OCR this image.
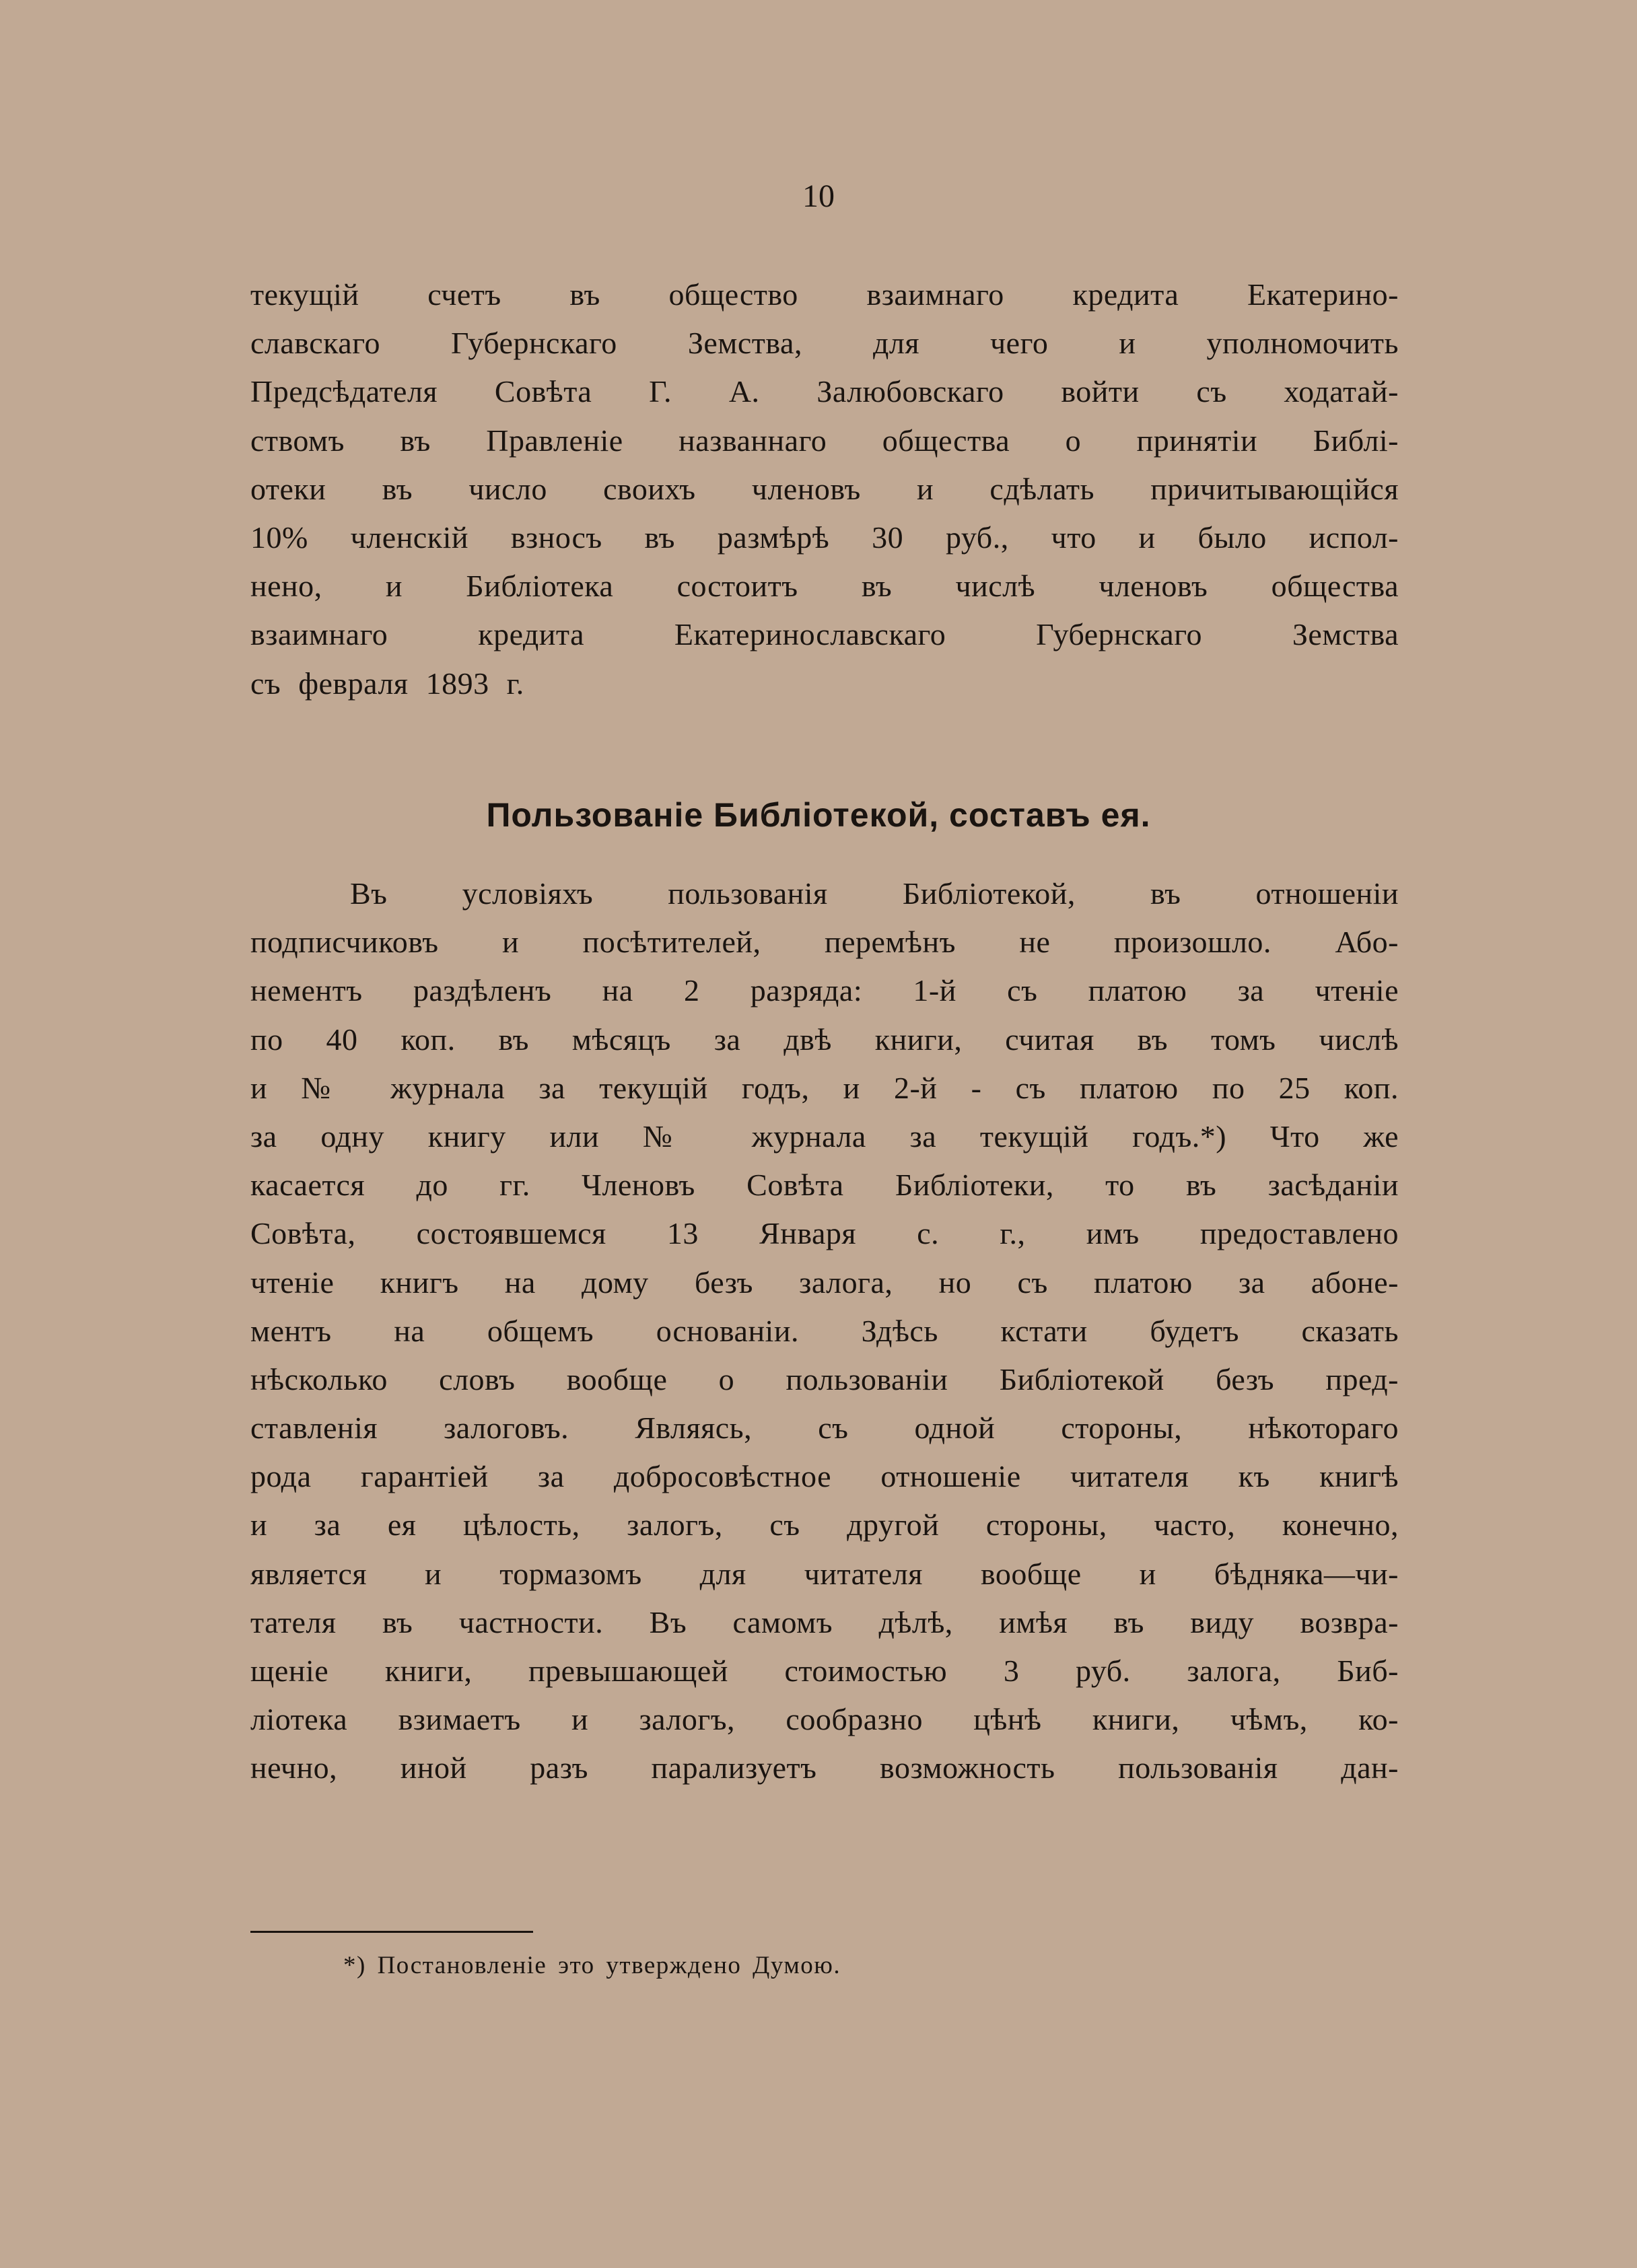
10
текущій счетъ въ общество взаимнаго кредита Екатерино-
славскаго Губернскаго Земства, для чего и уполномочить
Предсѣдателя Совѣта Г. А. Залюбовскаго войти съ ходатай-
ствомъ въ Правленіе названнаго общества о принятіи Библі-
отеки въ число своихъ членовъ и сдѣлать причитывающійся
10% членскій взносъ въ размѣрѣ 30 руб., что и было испол-
нено, и Библіотека состоитъ въ числѣ членовъ общества
взаимнаго кредита Екатеринославскаго Губернскаго Земства
съ февраля 1893 г.
Пользованіе Библіотекой, составъ ея.
Въ условіяхъ пользованія Библіотекой, въ отношеніи
подписчиковъ и посѣтителей, перемѣнъ не произошло. Або-
нементъ раздѣленъ на 2 разряда: 1-й съ платою за чтеніе
по 40 коп. въ мѣсяцъ за двѣ книги, считая въ томъ числѣ
и № журнала за текущій годъ, и 2-й - съ платою по 25 коп.
за одну книгу или № журнала за текущій годъ.*) Что же
касается до гг. Членовъ Совѣта Библіотеки, то въ засѣданіи
Совѣта, состоявшемся 13 Января с. г., имъ предоставлено
чтеніе книгъ на дому безъ залога, но съ платою за абоне-
ментъ на общемъ основаніи. Здѣсь кстати будетъ сказать
нѣсколько словъ вообще о пользованіи Библіотекой безъ пред-
ставленія залоговъ. Являясь, съ одной стороны, нѣкотораго
рода гарантіей за добросовѣстное отношеніе читателя къ книгѣ
и за ея цѣлость, залогъ, съ другой стороны, часто, конечно,
является и тормазомъ для читателя вообще и бѣдняка—чи-
тателя въ частности. Въ самомъ дѣлѣ, имѣя въ виду возвра-
щеніе книги, превышающей стоимостью 3 руб. залога, Биб-
ліотека взимаетъ и залогъ, сообразно цѣнѣ книги, чѣмъ, ко-
нечно, иной разъ парализуетъ возможность пользованія дан-
*) Постановленіе это утверждено Думою.
